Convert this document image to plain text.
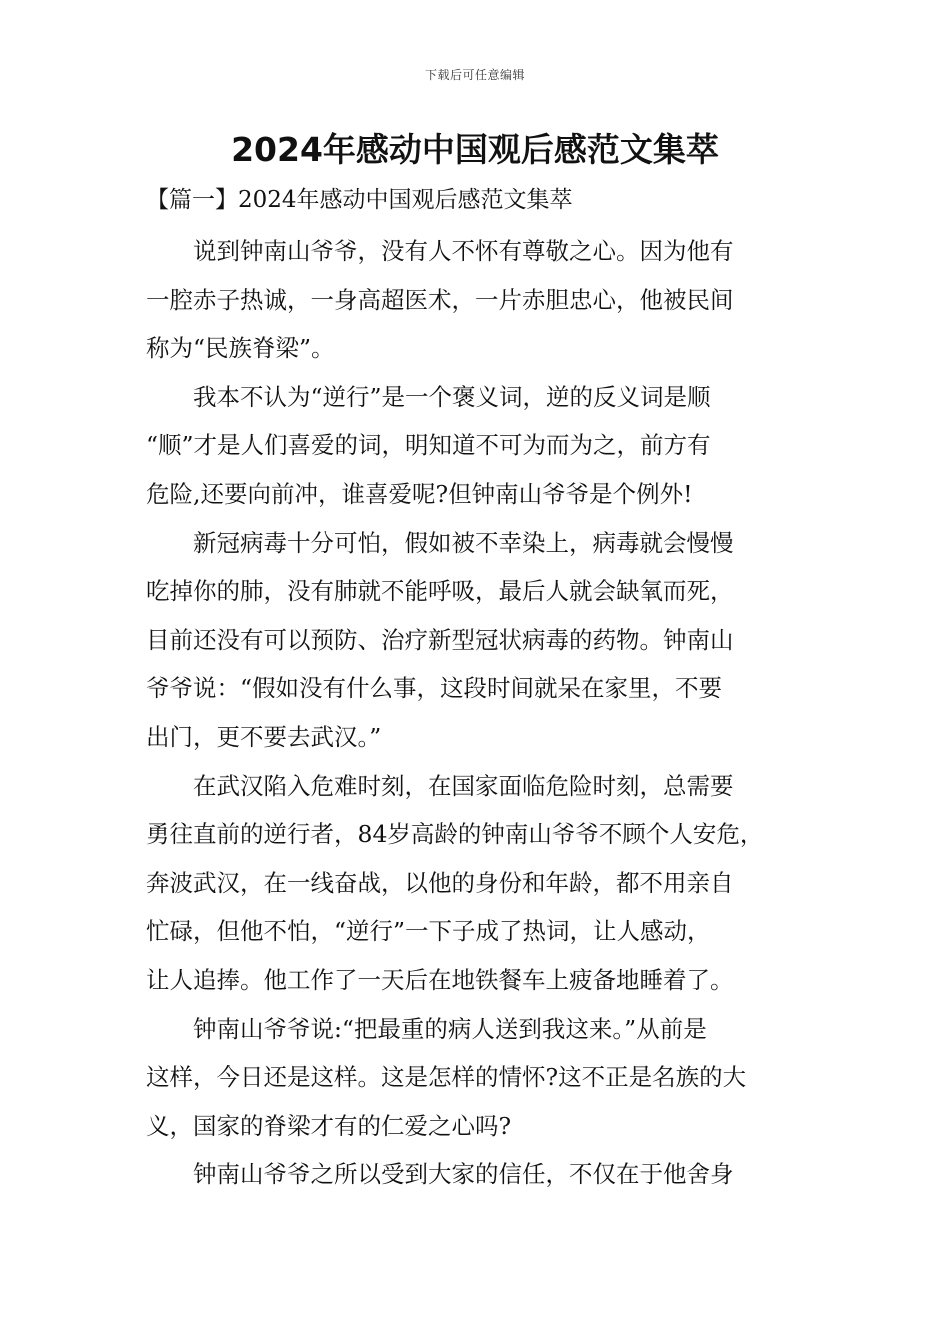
下载后可任意编辑
2024年感动中国观后感范文集萃

【篇一】2024年感动中国观后感范文集萃

说到钟南山爷爷，没有人不怀有尊敬之心。因为他有
一腔赤子热诚，一身高超医术，一片赤胆忠心，他被民间
称为“民族脊梁”。

我本不认为“逆行”是一个褒义词，逆的反义词是顺
“顺”才是人们喜爱的词，明知道不可为而为之，前方有
危险,还要向前冲，谁喜爱呢?但钟南山爷爷是个例外!

新冠病毒十分可怕，假如被不幸染上，病毒就会慢慢
吃掉你的肺，没有肺就不能呼吸，最后人就会缺氧而死，
目前还没有可以预防、治疗新型冠状病毒的药物。钟南山
爷爷说：“假如没有什么事，这段时间就呆在家里，不要
出门，更不要去武汉。”

在武汉陷入危难时刻，在国家面临危险时刻，总需要
勇往直前的逆行者，84岁高龄的钟南山爷爷不顾个人安危，
奔波武汉，在一线奋战，以他的身份和年龄，都不用亲自
忙碌，但他不怕，“逆行”一下子成了热词，让人感动，
让人追捧。他工作了一天后在地铁餐车上疲备地睡着了。

钟南山爷爷说:“把最重的病人送到我这来。”从前是
这样，今日还是这样。这是怎样的情怀?这不正是名族的大
义，国家的脊梁才有的仁爱之心吗?

钟南山爷爷之所以受到大家的信任，不仅在于他舍身
